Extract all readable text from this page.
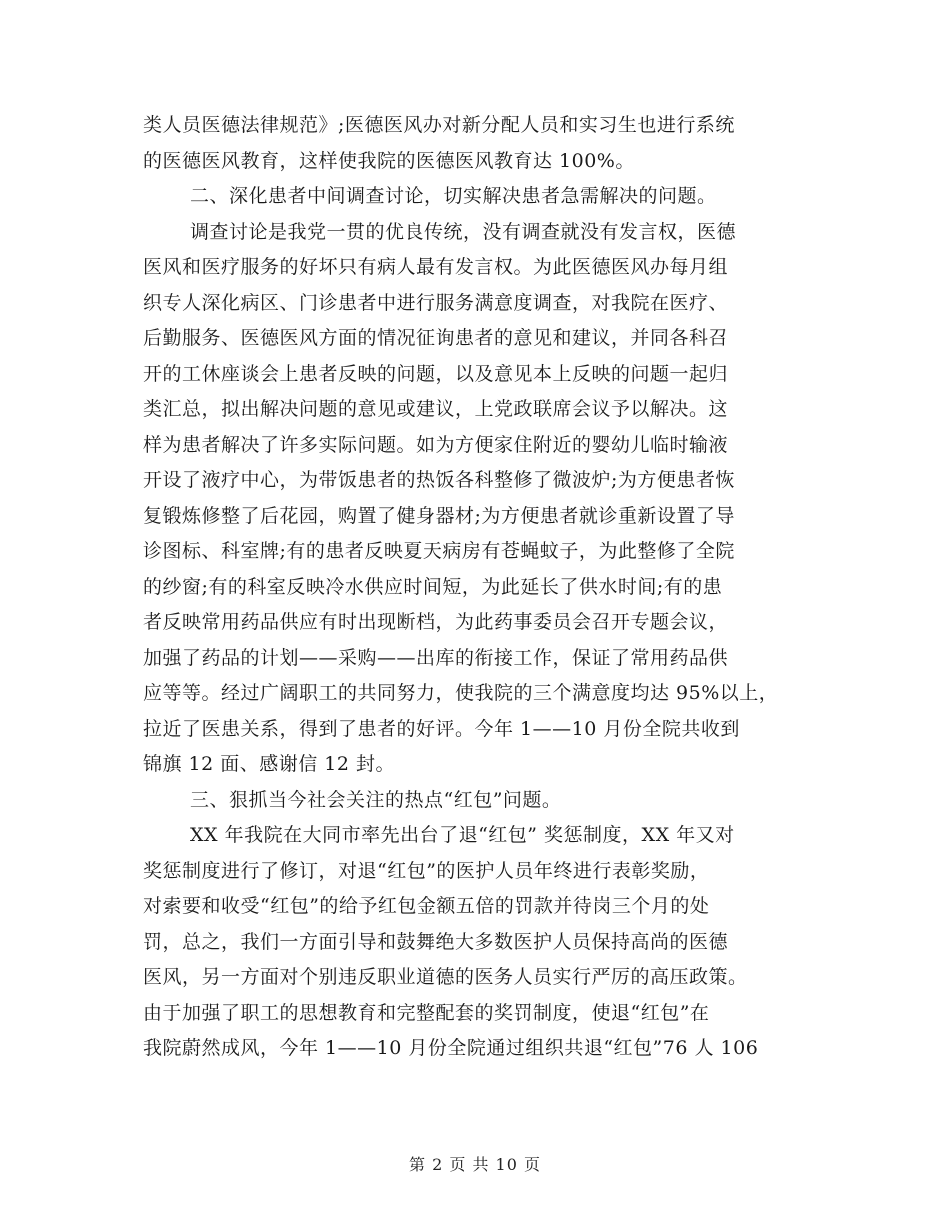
类人员医德法律规范》;医德医风办对新分配人员和实习生也进行系统
的医德医风教育，这样使我院的医德医风教育达 100%。
二、深化患者中间调查讨论，切实解决患者急需解决的问题。
调查讨论是我党一贯的优良传统，没有调查就没有发言权，医德
医风和医疗服务的好坏只有病人最有发言权。为此医德医风办每月组
织专人深化病区、门诊患者中进行服务满意度调查，对我院在医疗、
后勤服务、医德医风方面的情况征询患者的意见和建议，并同各科召
开的工休座谈会上患者反映的问题，以及意见本上反映的问题一起归
类汇总，拟出解决问题的意见或建议，上党政联席会议予以解决。这
样为患者解决了许多实际问题。如为方便家住附近的婴幼儿临时输液
开设了液疗中心，为带饭患者的热饭各科整修了微波炉;为方便患者恢
复锻炼修整了后花园，购置了健身器材;为方便患者就诊重新设置了导
诊图标、科室牌;有的患者反映夏天病房有苍蝇蚊子，为此整修了全院
的纱窗;有的科室反映冷水供应时间短，为此延长了供水时间;有的患
者反映常用药品供应有时出现断档，为此药事委员会召开专题会议，
加强了药品的计划——采购——出库的衔接工作，保证了常用药品供
应等等。经过广阔职工的共同努力，使我院的三个满意度均达 95%以上，
拉近了医患关系，得到了患者的好评。今年 1——10 月份全院共收到
锦旗 12 面、感谢信 12 封。
三、狠抓当今社会关注的热点“红包”问题。
XX 年我院在大同市率先出台了退“红包” 奖惩制度，XX 年又对
奖惩制度进行了修订，对退“红包”的医护人员年终进行表彰奖励，
对索要和收受“红包”的给予红包金额五倍的罚款并待岗三个月的处
罚，总之，我们一方面引导和鼓舞绝大多数医护人员保持高尚的医德
医风，另一方面对个别违反职业道德的医务人员实行严厉的高压政策。
由于加强了职工的思想教育和完整配套的奖罚制度，使退“红包”在
我院蔚然成风，今年 1——10 月份全院通过组织共退“红包”76 人 106
第 2 页 共 10 页
